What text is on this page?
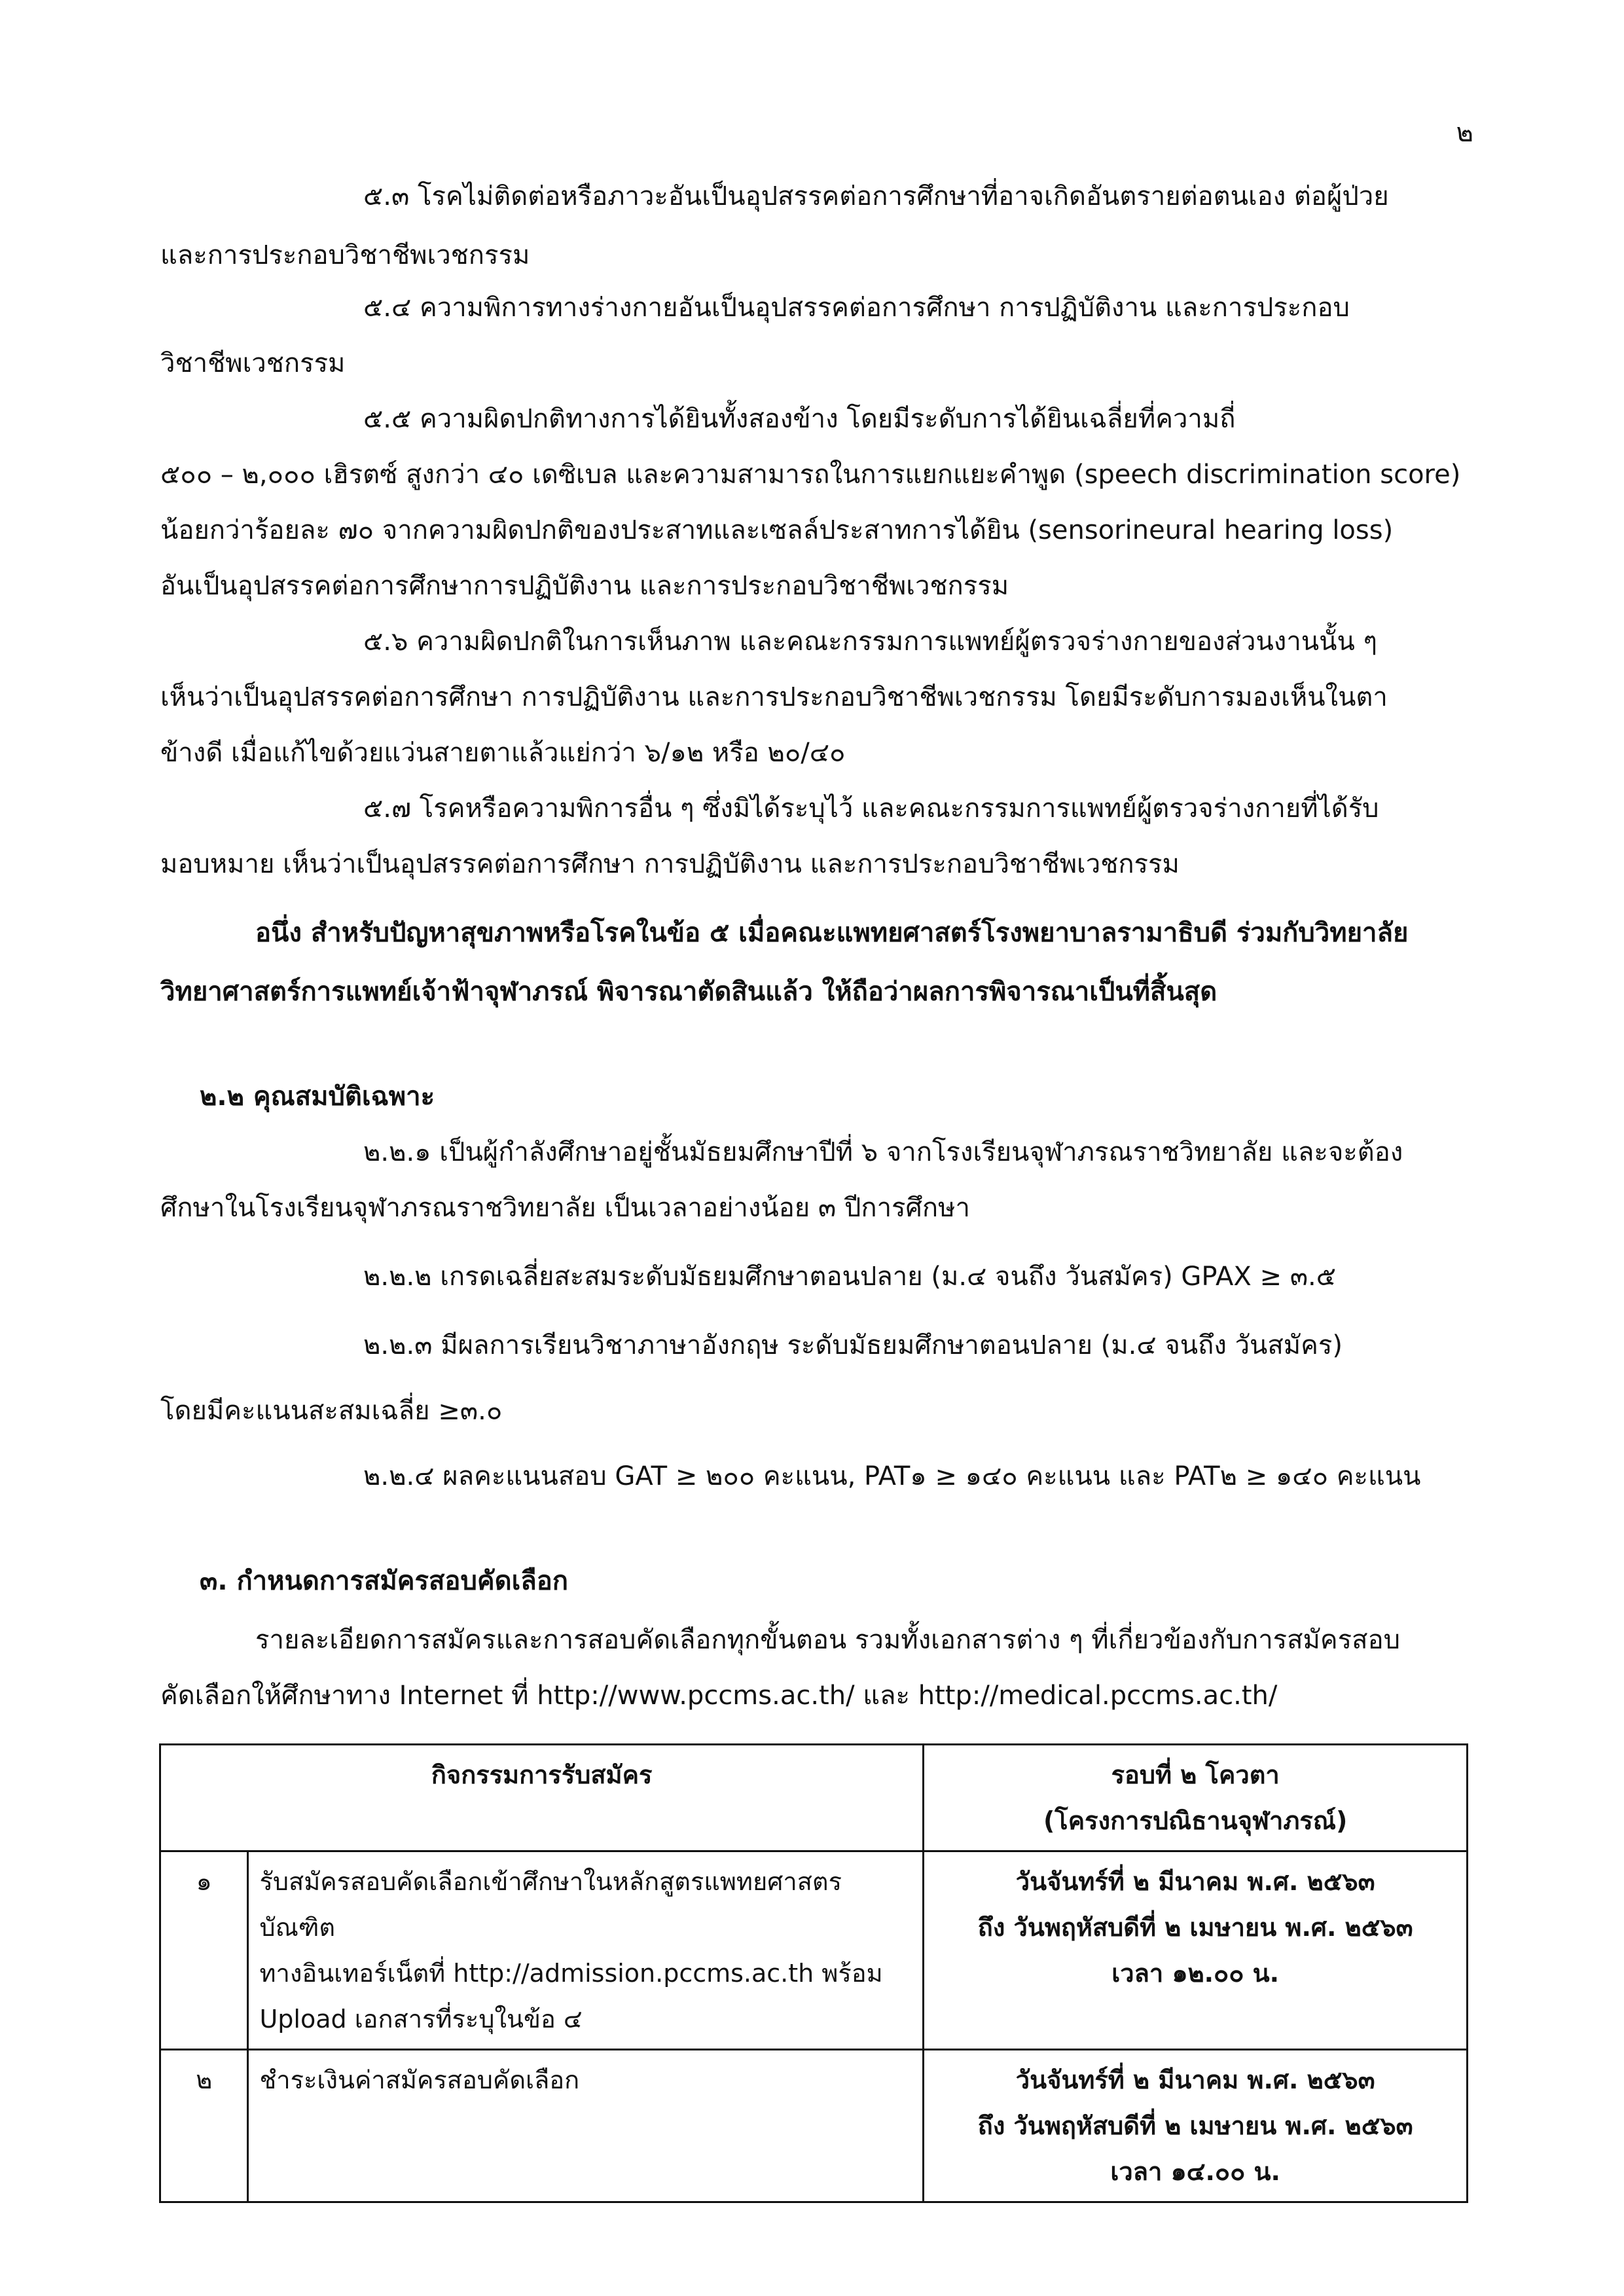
๒
๕.๓ โรคไม่ติดต่อหรือภาวะอันเป็นอุปสรรคต่อการศึกษาที่อาจเกิดอันตรายต่อตนเอง ต่อผู้ป่วย
และการประกอบวิชาชีพเวชกรรม
๕.๔ ความพิการทางร่างกายอันเป็นอุปสรรคต่อการศึกษา การปฏิบัติงาน และการประกอบ
วิชาชีพเวชกรรม
๕.๕ ความผิดปกติทางการได้ยินทั้งสองข้าง โดยมีระดับการได้ยินเฉลี่ยที่ความถี่
๕๐๐ – ๒,๐๐๐ เฮิรตซ์ สูงกว่า ๔๐ เดซิเบล และความสามารถในการแยกแยะคำพูด (speech discrimination score)
น้อยกว่าร้อยละ ๗๐ จากความผิดปกติของประสาทและเซลล์ประสาทการได้ยิน (sensorineural hearing loss)
อันเป็นอุปสรรคต่อการศึกษาการปฏิบัติงาน และการประกอบวิชาชีพเวชกรรม
๕.๖ ความผิดปกติในการเห็นภาพ และคณะกรรมการแพทย์ผู้ตรวจร่างกายของส่วนงานนั้น ๆ
เห็นว่าเป็นอุปสรรคต่อการศึกษา การปฏิบัติงาน และการประกอบวิชาชีพเวชกรรม โดยมีระดับการมองเห็นในตา
ข้างดี เมื่อแก้ไขด้วยแว่นสายตาแล้วแย่กว่า ๖/๑๒ หรือ ๒๐/๔๐
๕.๗ โรคหรือความพิการอื่น ๆ ซึ่งมิได้ระบุไว้ และคณะกรรมการแพทย์ผู้ตรวจร่างกายที่ได้รับ
มอบหมาย เห็นว่าเป็นอุปสรรคต่อการศึกษา การปฏิบัติงาน และการประกอบวิชาชีพเวชกรรม
อนึ่ง สำหรับปัญหาสุขภาพหรือโรคในข้อ ๕ เมื่อคณะแพทยศาสตร์โรงพยาบาลรามาธิบดี ร่วมกับวิทยาลัย
วิทยาศาสตร์การแพทย์เจ้าฟ้าจุฬาภรณ์ พิจารณาตัดสินแล้ว ให้ถือว่าผลการพิจารณาเป็นที่สิ้นสุด
๒.๒ คุณสมบัติเฉพาะ
๒.๒.๑ เป็นผู้กำลังศึกษาอยู่ชั้นมัธยมศึกษาปีที่ ๖ จากโรงเรียนจุฬาภรณราชวิทยาลัย และจะต้อง
ศึกษาในโรงเรียนจุฬาภรณราชวิทยาลัย เป็นเวลาอย่างน้อย ๓ ปีการศึกษา
๒.๒.๒ เกรดเฉลี่ยสะสมระดับมัธยมศึกษาตอนปลาย (ม.๔ จนถึง วันสมัคร) GPAX ≥ ๓.๕
๒.๒.๓ มีผลการเรียนวิชาภาษาอังกฤษ ระดับมัธยมศึกษาตอนปลาย (ม.๔ จนถึง วันสมัคร)
โดยมีคะแนนสะสมเฉลี่ย ≥๓.๐
๒.๒.๔ ผลคะแนนสอบ GAT ≥ ๒๐๐ คะแนน, PAT๑ ≥ ๑๔๐ คะแนน และ PAT๒ ≥ ๑๔๐ คะแนน
๓. กำหนดการสมัครสอบคัดเลือก
รายละเอียดการสมัครและการสอบคัดเลือกทุกขั้นตอน รวมทั้งเอกสารต่าง ๆ ที่เกี่ยวข้องกับการสมัครสอบ
คัดเลือกให้ศึกษาทาง Internet ที่ http://www.pccms.ac.th/ และ http://medical.pccms.ac.th/
กิจกรรมการรับสมัคร		รอบที่ ๒ โควตา
(โครงการปณิธานจุฬาภรณ์)

๑	รับสมัครสอบคัดเลือกเข้าศึกษาในหลักสูตรแพทยศาสตรบัณฑิต
ทางอินเทอร์เน็ตที่ http://admission.pccms.ac.th พร้อม
Upload เอกสารที่ระบุในข้อ ๔	วันจันทร์ที่ ๒ มีนาคม พ.ศ. ๒๕๖๓
ถึง วันพฤหัสบดีที่ ๒ เมษายน พ.ศ. ๒๕๖๓
เวลา ๑๒.๐๐ น.

๒	ชำระเงินค่าสมัครสอบคัดเลือก	วันจันทร์ที่ ๒ มีนาคม พ.ศ. ๒๕๖๓
ถึง วันพฤหัสบดีที่ ๒ เมษายน พ.ศ. ๒๕๖๓
เวลา ๑๔.๐๐ น.
